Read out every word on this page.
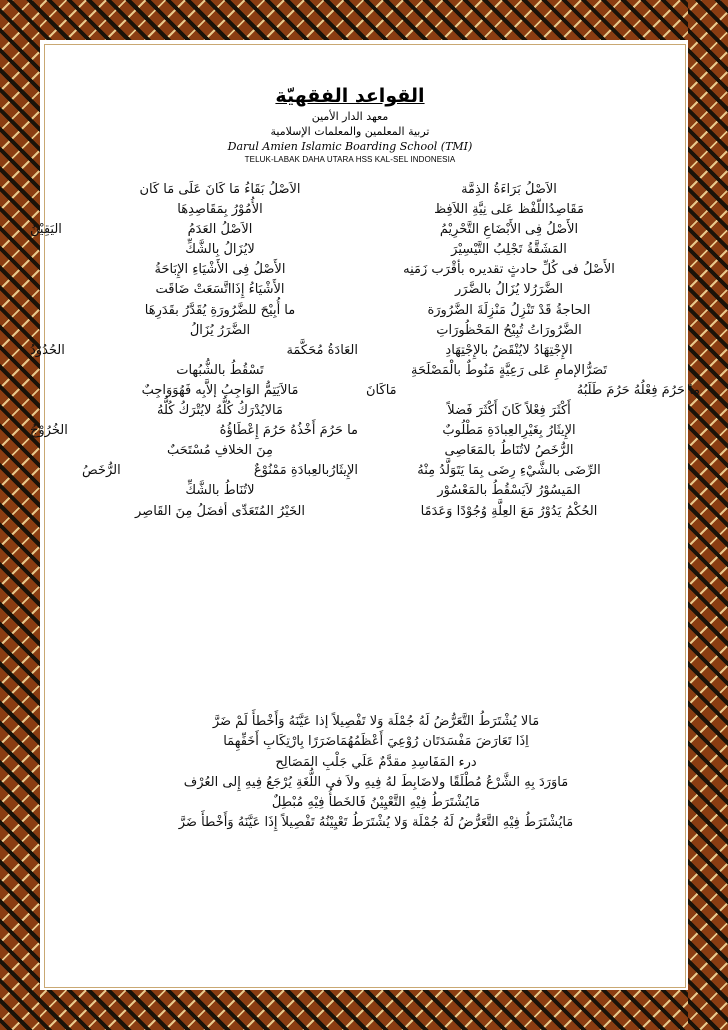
القواعد الفقهيّة
معهد الدار الأمين
تربية المعلمين والمعلمات الإسلامية
Darul Amien Islamic Boarding School (TMI)
TELUK-LABAK DAHA UTARA HSS KAL-SEL INDONESIA
الاَصْلُ بَرَاءَةُ الذِمَّة
مَقَاصِدُاللّفْظ عَلى نِيَّةِ اللاَفِظ
الأَصْلُ فِى الأَبْضَاعِ التَّحْرِيْمُ
المَشَقَّةُ تَجْلِبُ التَّيْسِيْرَ
الأَصْلُ فى كُلِّ حادثٍ تقديره بأقْرَب زَمَنِه
الضَّرَرُلا يُزَالُ بالضَّرَر
الحاجةُ قَدْ تَنْزِلُ مَنْزِلَةَ الضَّرُورَة
الضَّرُورَاتُ تُبِيْحُ المَحْظُورَاتِ
الإِجْتِهَادُ لايُنْقَضُ بالإِجْتِهَادِ
تَصَرُّالإمامِ عَلى رَعِيَّةٍ مَنُوطٌ بالْمَصْلَحَةِ
ما حَرُمَ فِعْلُهُ حَرُمَ طَلَبُهُ
مَاكَانَ
أَكْثَرَ فِعْلاً كَانَ أَكْثَرَ فَضلاً
الإِيثَارُ بِغَيْرِالعِبادَةِ مَطْلُوبٌ
الرُّخَصُ لاتُنَاطُ بالمَعَاصِى
الرِّضَى بالشَّيْءِ رِضَى بِمَا يَتَوَلَّدُ مِنْهُ
المَيسُوْرُ لاَيَسْقُطُ بالمَعْسُوْر
الحُكْمُ يَدُوْرُ مَعَ العِلَّةِ وُجُوْدًا وَعَدَمًا
الاَصْلُ بَقَاءُ مَا كَانَ عَلَى مَا كَان
الأُمُوْرُ بِمَقَاصِدِهَا
الاَصْلُ العَدَمُ
اليَقِيْنُ
لايُزَالُ بِالشَّكِّ
الأَصْلُ فِى الأَشْيَاءِ الإِبَاحَةُ
الأَشْيَاءُ إِذَااتَّسَعَتْ ضَاقَت
ما أُبِيْحَ للضَّرُورَةِ يُقَدَّرُ بقَدَرِهَا
الضَّرَرُ يُزَالُ
العَادَةُ مُحَكَّمَة
الحُدُوْدُ
تَسْقُطُ بالشُّبُهات
مَالاَيَتِمُّ الوَاجِبُ إلاَّبِه فَهُوَوَاجِبٌ
مَالايُدْرَكُ كُلُّهُ لايُتْرَكُ كُلُّهُ
ما حَرُمَ أَخْذُهُ حَرُمَ إِعْطَاؤُهُ
الخُرُوْجُ
مِنَ الخلافِ مُسْتَحَبٌ
الإِيثَارُبالعِبادَةِ مَمْنُوْعٌ
الرُّخَصُ
لاتُنَاطُ بالشَّكِّ
الخَيْرُ المُتَعَدِّى أفضَلُ مِنَ القَاصِر
مَالا يُشْتَرَطُ التَّعَرُّضُ لَهُ جُمْلَة وَلا تَفْصِيلاً إذا عَيَّنَهُ وَأَخْطأَ لَمْ ضَرَّ
اِذَا تَعَارَضَ مَفْسَدَتَان رُوْعِيَ أَعْظَمُهُمَاضَرَرًا بِارْتِكَابِ أَخَفِّهِمَا
درء المَفَاسِدِ مقدَّمٌ عَلَي جَلْبِ المَصَالِح
مَاوَرَدَ بِهِ الشَّرْعُ مُطْلَقًا ولاضَابِطَ لهُ فِيهِ ولاَ فى اللُّغَةِ يُرْجَعُ فِيهِ إِلى العُرْف
مَايُشْتَرَطُ فِيْهِ التَّعْيِيْنُ فَالخَطأُ فِيْهِ مُبْطِلٌ
مَايُشْتَرَطُ فِيْهِ التَّعَرُّضُ لَهُ جُمْلَة وَلا يُشْتَرَطُ تَعْيِيْنُهُ تَفْصِيلاً إِذَا عَيَّنَهُ وَأَخْطأَ ضَرَّ
